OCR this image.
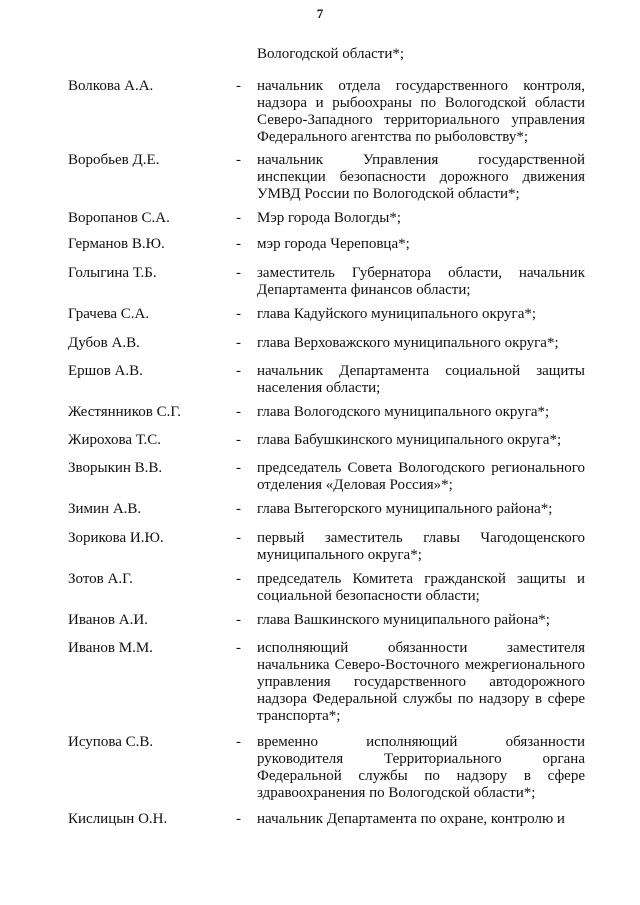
7
Вологодской области*;
Волкова А.А.	-	начальник отдела государственного контроля, надзора и рыбоохраны по Вологодской области Северо-Западного территориального управления Федерального агентства по рыболовству*;
Воробьев Д.Е.	-	начальник Управления государственной инспекции безопасности дорожного движения УМВД России по Вологодской области*;
Воропанов С.А.	-	Мэр города Вологды*;
Германов В.Ю.	-	мэр города Череповца*;
Голыгина Т.Б.	-	заместитель Губернатора области, начальник Департамента финансов области;
Грачева С.А.	-	глава Кадуйского муниципального округа*;
Дубов А.В.	-	глава Верховажского муниципального округа*;
Ершов А.В.	-	начальник Департамента социальной защиты населения области;
Жестянников С.Г.	-	глава Вологодского муниципального округа*;
Жирохова Т.С.	-	глава Бабушкинского муниципального округа*;
Зворыкин В.В.	-	председатель Совета Вологодского регионального отделения «Деловая Россия»*;
Зимин А.В.	-	глава Вытегорского муниципального района*;
Зорикова И.Ю.	-	первый заместитель главы Чагодощенского муниципального округа*;
Зотов А.Г.	-	председатель Комитета гражданской защиты и социальной безопасности области;
Иванов А.И.	-	глава Вашкинского муниципального района*;
Иванов М.М.	-	исполняющий обязанности заместителя начальника Северо-Восточного межрегионального управления государственного автодорожного надзора Федеральной службы по надзору в сфере транспорта*;
Исупова С.В.	-	временно исполняющий обязанности руководителя Территориального органа Федеральной службы по надзору в сфере здравоохранения по Вологодской области*;
Кислицын О.Н.	-	начальник Департамента по охране, контролю и
